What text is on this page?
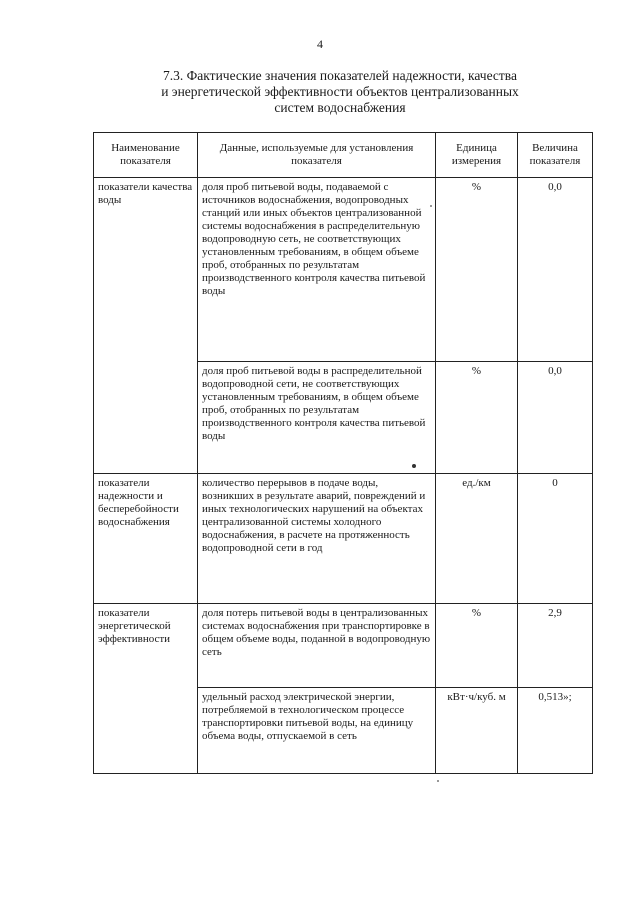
4
7.3. Фактические значения показателей надежности, качества
и энергетической эффективности объектов централизованных
систем водоснабжения
Наименование показателя	Данные, используемые для установления показателя	Единица измерения	Величина показателя
показатели качества воды	доля проб питьевой воды, подаваемой с источников водоснабжения, водопроводных станций или иных объектов централизованной системы водоснабжения в распределительную водопроводную сеть, не соответствующих установленным требованиям, в общем объеме проб, отобранных по результатам производственного контроля качества питьевой воды	%	0,0
	доля проб питьевой воды в распределительной водопроводной сети, не соответствующих установленным требованиям, в общем объеме проб, отобранных по результатам производственного контроля качества питьевой воды	%	0,0
показатели надежности и бесперебойности водоснабжения	количество перерывов в подаче воды, возникших в результате аварий, повреждений и иных технологических нарушений на объектах централизованной системы холодного водоснабжения, в расчете на протяженность водопроводной сети в год	ед./км	0
показатели энергетической эффективности	доля потерь питьевой воды в централизованных системах водоснабжения при транспортировке в общем объеме воды, поданной в водопроводную сеть	%	2,9
	удельный расход электрической энергии, потребляемой в технологическом процессе транспортировки питьевой воды, на единицу объема воды, отпускаемой в сеть	кВт·ч/куб. м	0,513»;
